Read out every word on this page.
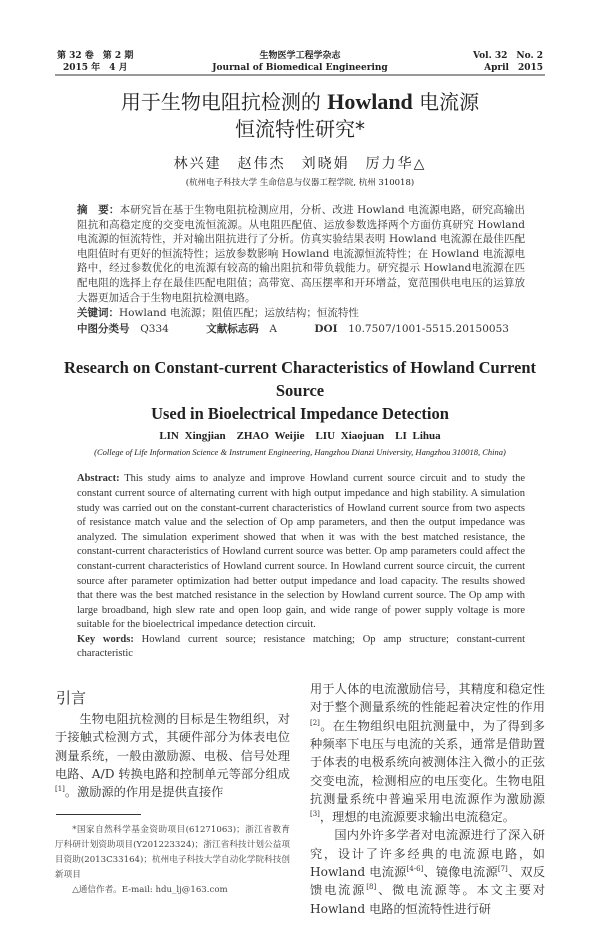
第 32 卷　第 2 期
2015 年　4 月
生物医学工程学杂志
Journal of Biomedical Engineering
Vol. 32　No. 2
April　2015
用于生物电阻抗检测的 Howland 电流源
恒流特性研究*
林兴建　赵伟杰　刘晓娟　厉力华△
(杭州电子科技大学 生命信息与仪器工程学院, 杭州 310018)
摘　要：本研究旨在基于生物电阻抗检测应用，分析、改进 Howland 电流源电路，研究高输出阻抗和高稳定度的交变电流恒流源。从电阻匹配值、运放参数选择两个方面仿真研究 Howland 电流源的恒流特性，并对输出阻抗进行了分析。仿真实验结果表明 Howland 电流源在最佳匹配电阻值时有更好的恒流特性；运放参数影响 Howland 电流源恒流特性；在 Howland 电流源电路中，经过参数优化的电流源有较高的输出阻抗和带负载能力。研究提示 Howland电流源在匹配电阻的选择上存在最佳匹配电阻值；高带宽、高压摆率和开环增益，宽范围供电电压的运算放大器更加适合于生物电阻抗检测电路。
关键词：Howland 电流源；阻值匹配；运放结构；恒流特性
中图分类号 Q334	文献标志码 A	DOI 10.7507/1001-5515.20150053
Research on Constant-current Characteristics of Howland Current Source
Used in Bioelectrical Impedance Detection
LIN Xingjian　ZHAO Weijie　LIU Xiaojuan　LI Lihua
(College of Life Information Science & Instrument Engineering, Hangzhou Dianzi University, Hangzhou 310018, China)
Abstract: This study aims to analyze and improve Howland current source circuit and to study the constant current source of alternating current with high output impedance and high stability. A simulation study was carried out on the constant-current characteristics of Howland current source from two aspects of resistance match value and the selection of Op amp parameters, and then the output impedance was analyzed. The simulation experiment showed that when it was with the best matched resistance, the constant-current characteristics of Howland current source was better. Op amp parameters could affect the constant-current characteristics of Howland current source. In Howland current source circuit, the current source after parameter optimization had better output impedance and load capacity. The results showed that there was the best matched resistance in the selection by Howland current source. The Op amp with large broadband, high slew rate and open loop gain, and wide range of power supply voltage is more suitable for the bioelectrical impedance detection circuit.
Key words: Howland current source; resistance matching; Op amp structure; constant-current characteristic
引言
生物电阻抗检测的目标是生物组织，对于接触式检测方式，其硬件部分为体表电位测量系统，一般由激励源、电极、信号处理电路、A/D 转换电路和控制单元等部分组成[1]。激励源的作用是提供直接作
*国家自然科学基金资助项目(61271063)；浙江省教育厅科研计划资助项目(Y201223324)；浙江省科技计划公益项目资助(2013C33164)；杭州电子科技大学自动化学院科技创新项目
△通信作者。E-mail: hdu_lj@163.com
用于人体的电流激励信号，其精度和稳定性对于整个测量系统的性能起着决定性的作用[2]。在生物组织电阻抗测量中，为了得到多种频率下电压与电流的关系，通常是借助置于体表的电极系统向被测体注入微小的正弦交变电流，检测相应的电压变化。生物电阻抗测量系统中普遍采用电流源作为激励源[3]，理想的电流源要求输出电流稳定。
国内外许多学者对电流源进行了深入研究，设计了许多经典的电流源电路，如 Howland 电流源[4-6]、镜像电流源[7]、双反馈电流源[8]、微电流源等。本文主要对 Howland 电路的恒流特性进行研
